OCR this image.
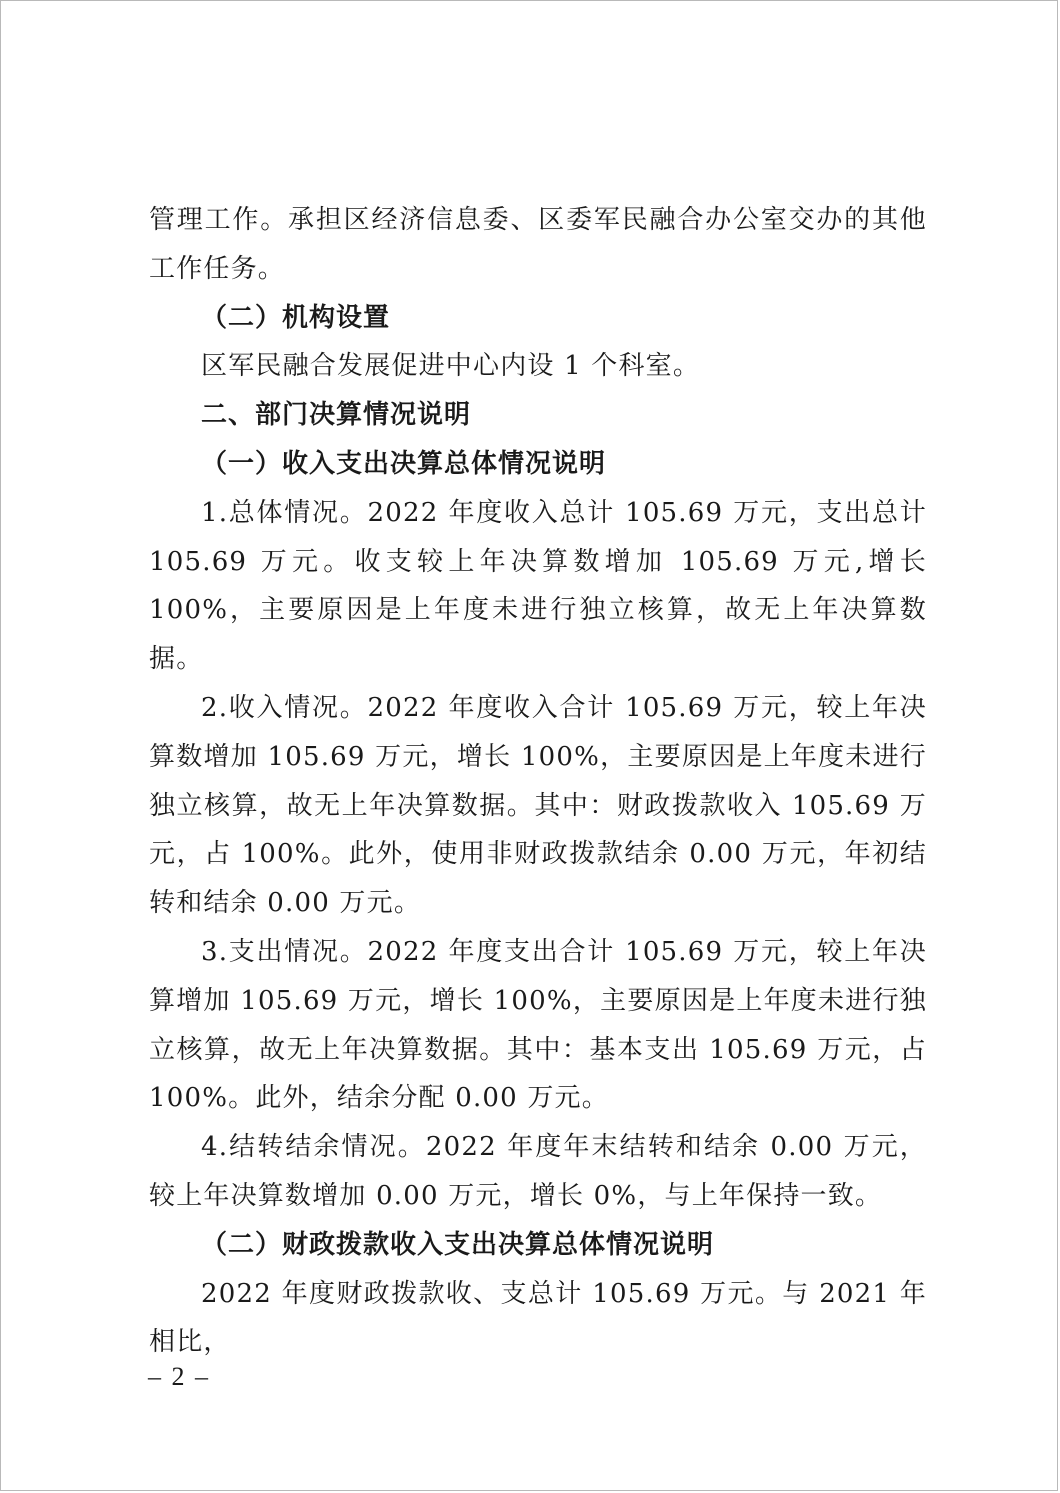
管理工作。承担区经济信息委、区委军民融合办公室交办的其他工作任务。

（二）机构设置

区军民融合发展促进中心内设 1 个科室。

二、部门决算情况说明

（一）收入支出决算总体情况说明

1.总体情况。2022 年度收入总计 105.69 万元，支出总计 105.69 万元。收支较上年决算数增加 105.69 万元,增长 100%，主要原因是上年度未进行独立核算，故无上年决算数据。

2.收入情况。2022 年度收入合计 105.69 万元，较上年决算数增加 105.69 万元，增长 100%，主要原因是上年度未进行独立核算，故无上年决算数据。其中：财政拨款收入 105.69 万元，占 100%。此外，使用非财政拨款结余 0.00 万元，年初结转和结余 0.00 万元。

3.支出情况。2022 年度支出合计 105.69 万元，较上年决算增加 105.69 万元，增长 100%，主要原因是上年度未进行独立核算，故无上年决算数据。其中：基本支出 105.69 万元，占 100%。此外，结余分配 0.00 万元。

4.结转结余情况。2022 年度年末结转和结余 0.00 万元，较上年决算数增加 0.00 万元，增长 0%，与上年保持一致。

（二）财政拨款收入支出决算总体情况说明

2022 年度财政拨款收、支总计 105.69 万元。与 2021 年相比，

– 2 –
